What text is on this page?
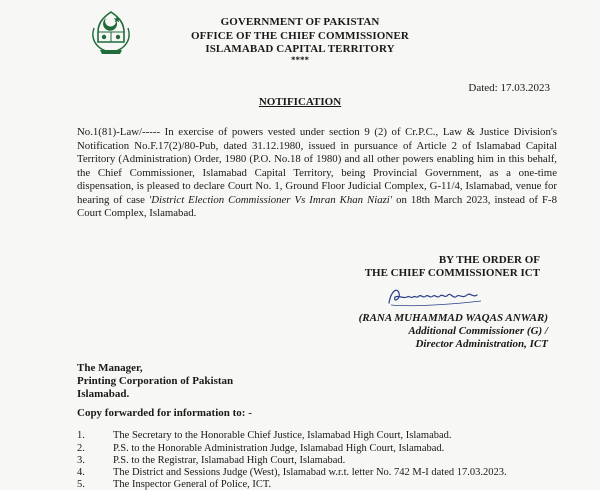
GOVERNMENT OF PAKISTAN
OFFICE OF THE CHIEF COMMISSIONER
ISLAMABAD CAPITAL TERRITORY
****
Dated: 17.03.2023
NOTIFICATION
No.1(81)-Law/----- In exercise of powers vested under section 9 (2) of Cr.P.C., Law & Justice Division's Notification No.F.17(2)/80-Pub, dated 31.12.1980, issued in pursuance of Article 2 of Islamabad Capital Territory (Administration) Order, 1980 (P.O. No.18 of 1980) and all other powers enabling him in this behalf, the Chief Commissioner, Islamabad Capital Territory, being Provincial Government, as a one-time dispensation, is pleased to declare Court No. 1, Ground Floor Judicial Complex, G-11/4, Islamabad, venue for hearing of case 'District Election Commissioner Vs Imran Khan Niazi' on 18th March 2023, instead of F-8 Court Complex, Islamabad.
BY THE ORDER OF
THE CHIEF COMMISSIONER ICT
(RANA MUHAMMAD WAQAS ANWAR)
Additional Commissioner (G) /
Director Administration, ICT
The Manager,
Printing Corporation of Pakistan
Islamabad.
Copy forwarded for information to: -
1.	The Secretary to the Honorable Chief Justice, Islamabad High Court, Islamabad.
2.	P.S. to the Honorable Administration Judge, Islamabad High Court, Islamabad.
3.	P.S. to the Registrar, Islamabad High Court, Islamabad.
4.	The District and Sessions Judge (West), Islamabad w.r.t. letter No. 742 M-I dated 17.03.2023.
5.	The Inspector General of Police, ICT.
